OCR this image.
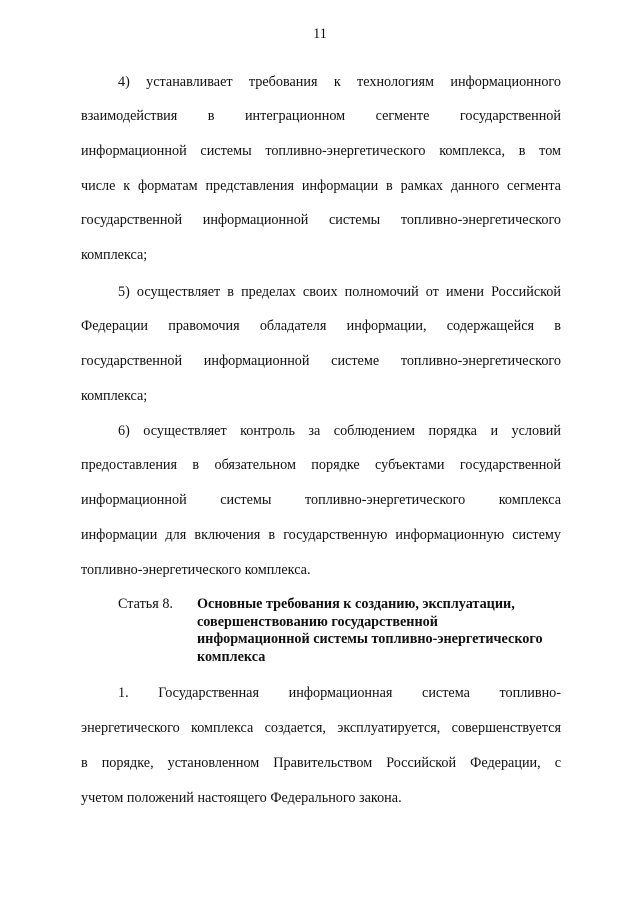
11
4) устанавливает требования к технологиям информационного
взаимодействия в интеграционном сегменте государственной
информационной системы топливно-энергетического комплекса, в том
числе к форматам представления информации в рамках данного сегмента
государственной информационной системы топливно-энергетического
комплекса;
5) осуществляет в пределах своих полномочий от имени Российской
Федерации правомочия обладателя информации, содержащейся в
государственной информационной системе топливно-энергетического
комплекса;
6) осуществляет контроль за соблюдением порядка и условий
предоставления в обязательном порядке субъектами государственной
информационной системы топливно-энергетического комплекса
информации для включения в государственную информационную систему
топливно-энергетического комплекса.
Статья 8. Основные требования к созданию, эксплуатации,
совершенствованию государственной
информационной системы топливно-энергетического
комплекса
1. Государственная информационная система топливно-
энергетического комплекса создается, эксплуатируется, совершенствуется
в порядке, установленном Правительством Российской Федерации, с
учетом положений настоящего Федерального закона.
